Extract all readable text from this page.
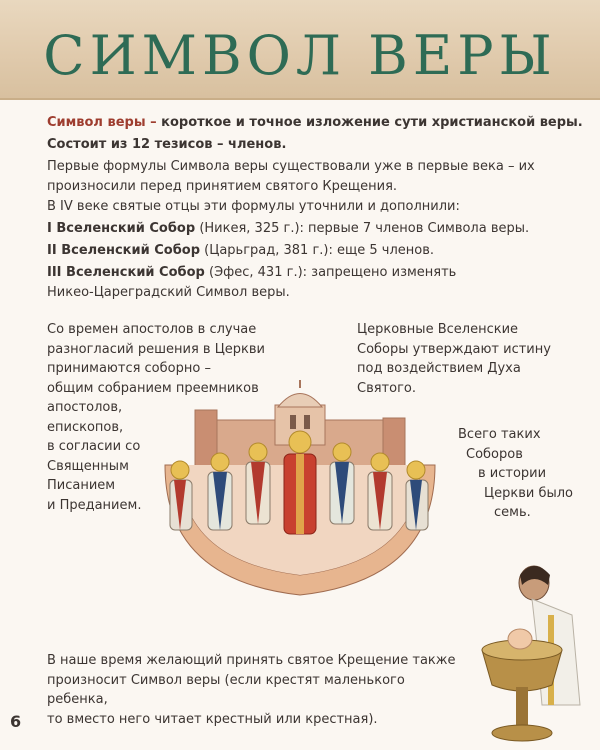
СИМВОЛ ВЕРЫ

Символ веры – короткое и точное изложение сути христианской веры.

Состоит из 12 тезисов – членов.

Первые формулы Символа веры существовали уже в первые века – их произносили перед принятием святого Крещения.

В IV веке святые отцы эти формулы уточнили и дополнили:

I Вселенский Собор (Никея, 325 г.): первые 7 членов Символа веры.

II Вселенский Собор (Царьград, 381 г.): еще 5 членов.

III Вселенский Собор (Эфес, 431 г.): запрещено изменять Никео-Цареградский Символ веры.

Со времен апостолов в случае
разногласий решения в Церкви
принимаются соборно –
общим собранием преемников
апостолов,
епископов,
в согласии со
Священным
Писанием
и Преданием.
Церковные Вселенские
Соборы утверждают истину
под воздействием Духа
Святого.
Всего таких
Соборов
в истории
Церкви было
семь.
В наше время желающий принять святое Крещение также
произносит Символ веры (если крестят маленького ребенка,
то вместо него читает крестный или крестная).
6
